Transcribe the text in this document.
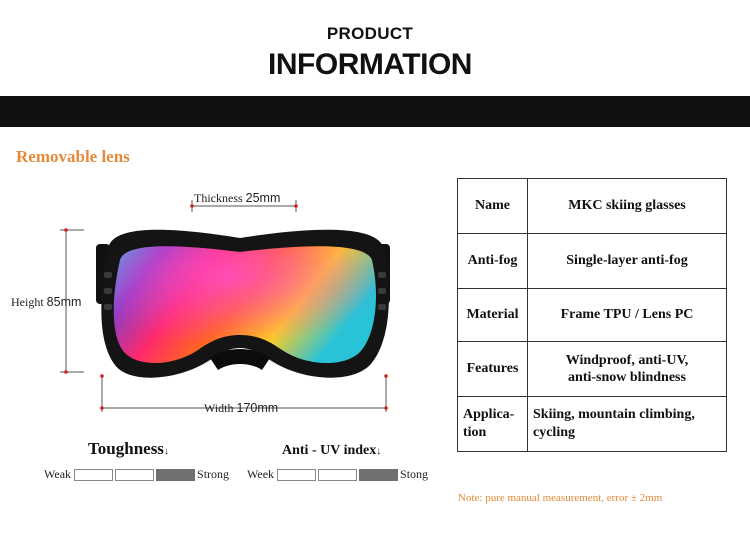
PRODUCT
INFORMATION
Removable lens
Thickness 25mm
Height 85mm
Width 170mm
Toughness↓
Weak	Strong
Anti - UV index↓
Week	Stong
Name	MKC skiing glasses
Anti-fog	Single-layer anti-fog
Material	Frame TPU / Lens PC
Features	Windproof, anti-UV,
anti-snow blindness
Applica-
tion	Skiing, mountain climbing,
cycling
Note: pure manual measurement, error ± 2mm
